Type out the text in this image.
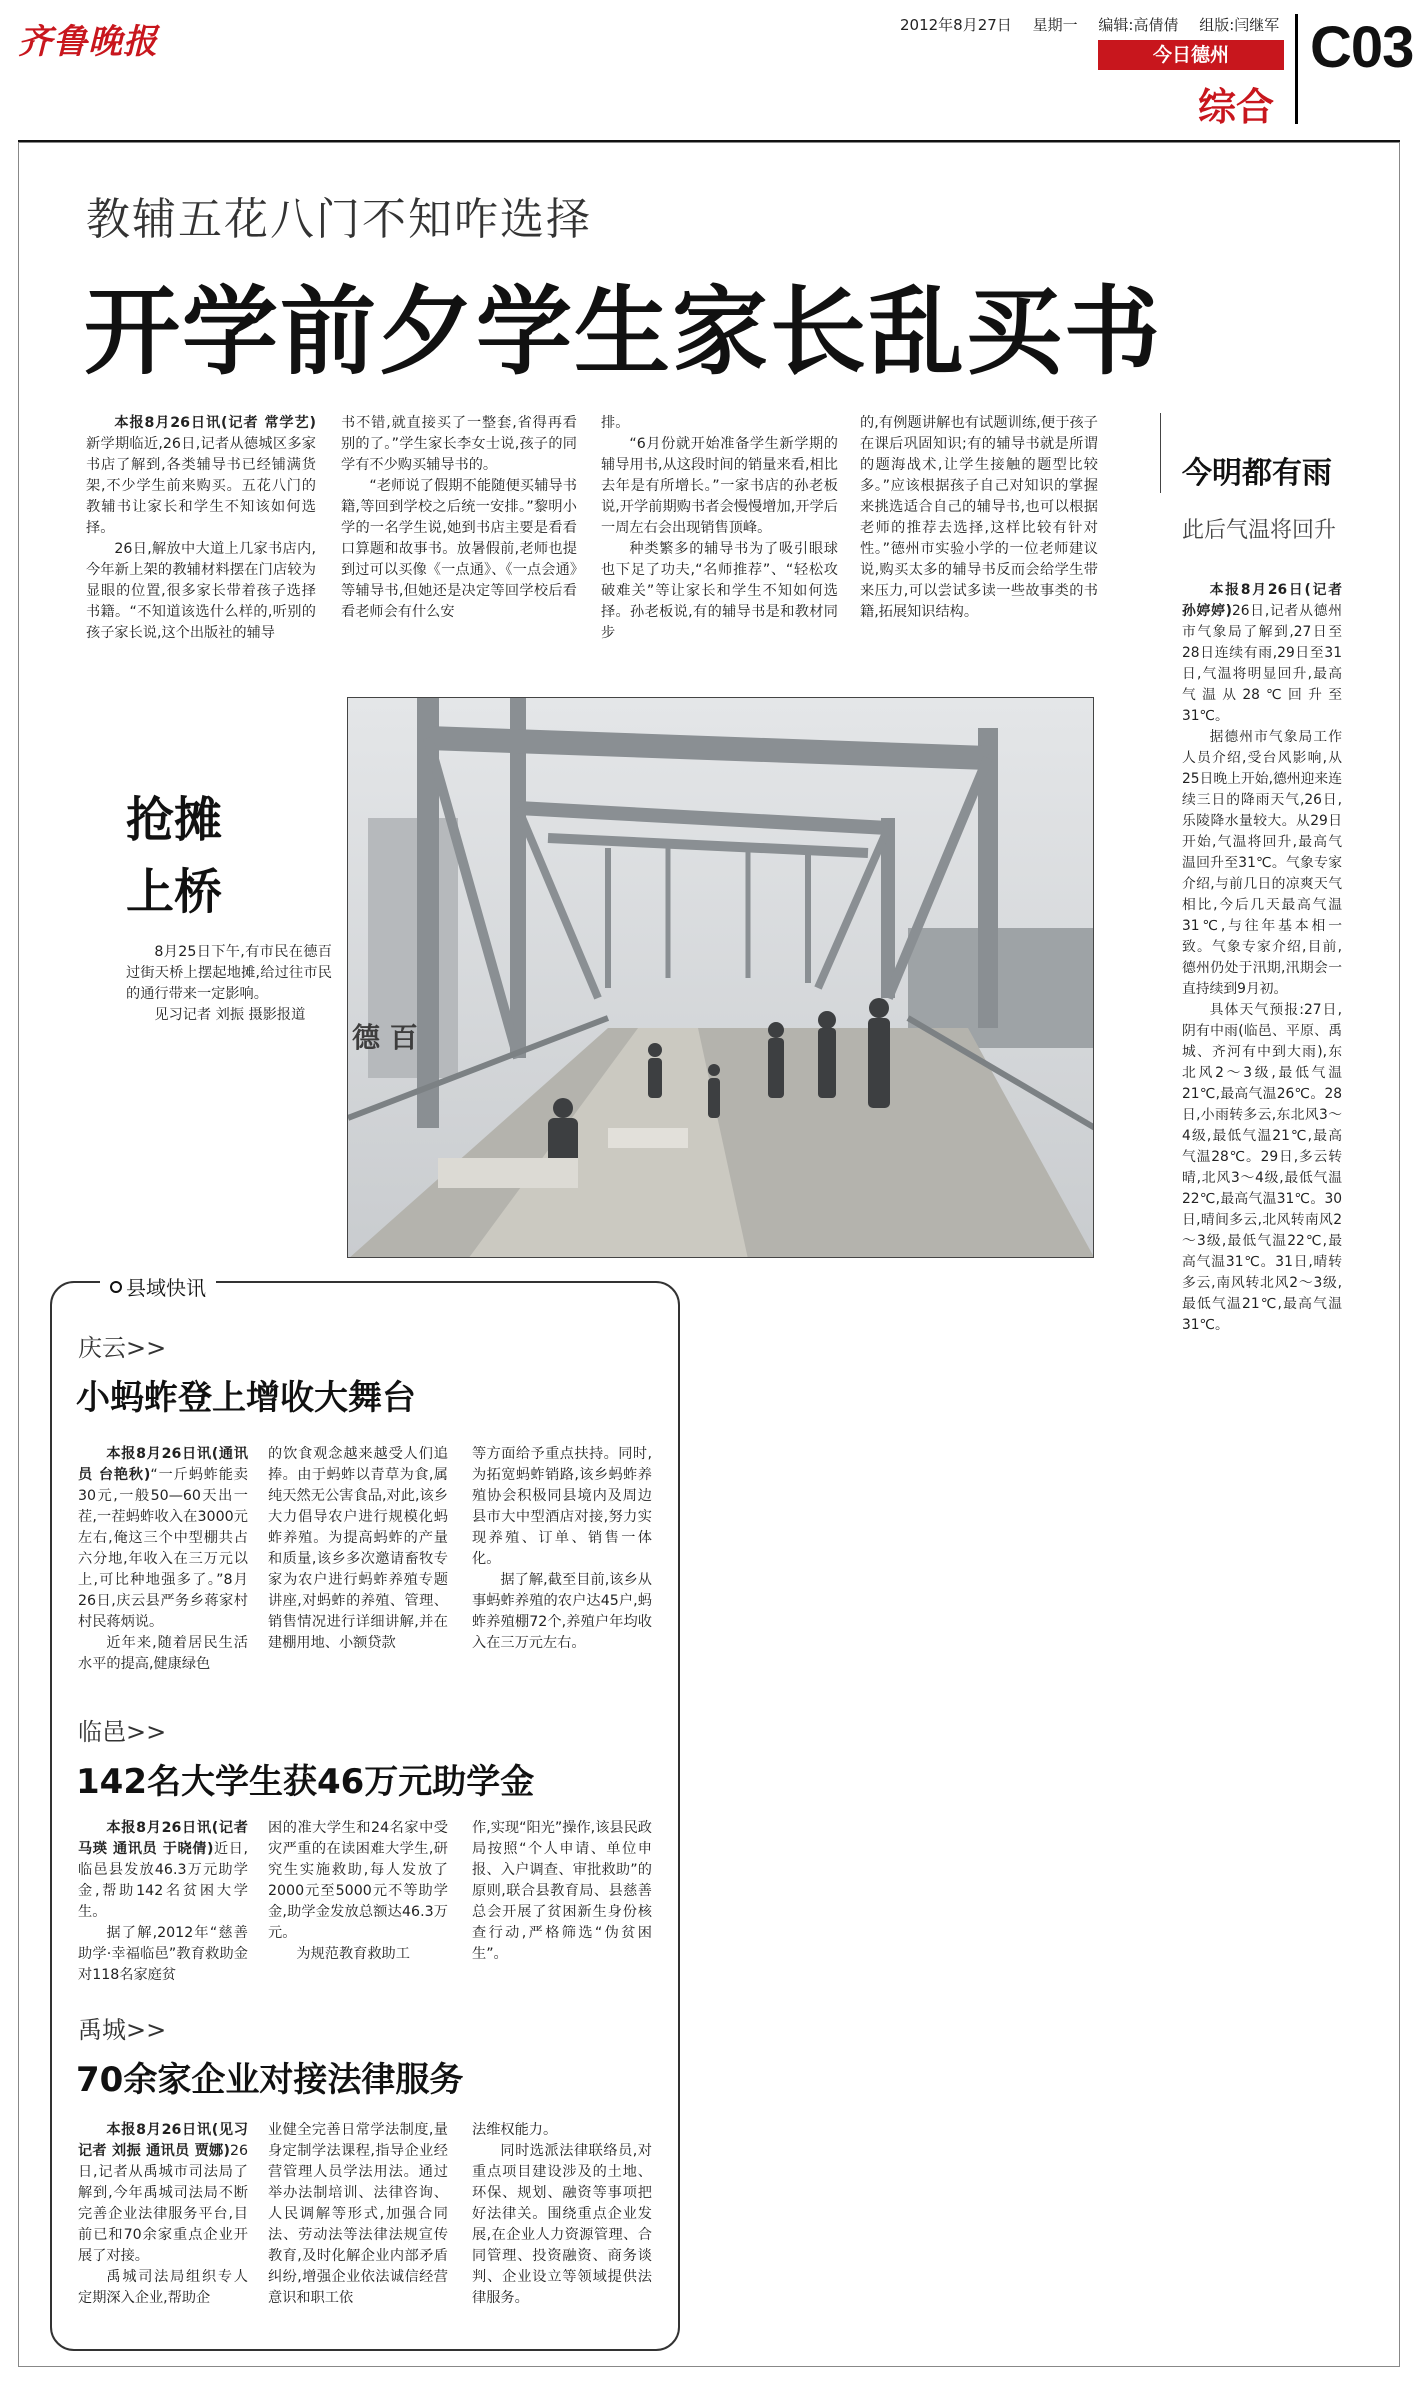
齐鲁晚报	2012年8月27日 星期一 编辑:高倩倩 组版:闫继军
今日德州
综合
C03
教辅五花八门不知咋选择
开学前夕学生家长乱买书

本报8月26日讯(记者 常学艺)新学期临近,26日,记者从德城区多家书店了解到,各类辅导书已经铺满货架,不少学生前来购买。五花八门的教辅书让家长和学生不知该如何选择。

26日,解放中大道上几家书店内,今年新上架的教辅材料摆在门店较为显眼的位置,很多家长带着孩子选择书籍。“不知道该选什么样的,听别的孩子家长说,这个出版社的辅导

书不错,就直接买了一整套,省得再看别的了。”学生家长李女士说,孩子的同学有不少购买辅导书的。

“老师说了假期不能随便买辅导书籍,等回到学校之后统一安排。”黎明小学的一名学生说,她到书店主要是看看口算题和故事书。放暑假前,老师也提到过可以买像《一点通》、《一点会通》等辅导书,但她还是决定等回学校后看看老师会有什么安

排。

“6月份就开始准备学生新学期的辅导用书,从这段时间的销量来看,相比去年是有所增长。”一家书店的孙老板说,开学前期购书者会慢慢增加,开学后一周左右会出现销售顶峰。

种类繁多的辅导书为了吸引眼球也下足了功夫,“名师推荐”、“轻松攻破难关”等让家长和学生不知如何选择。孙老板说,有的辅导书是和教材同步

的,有例题讲解也有试题训练,便于孩子在课后巩固知识;有的辅导书就是所谓的题海战术,让学生接触的题型比较多。”应该根据孩子自己对知识的掌握来挑选适合自己的辅导书,也可以根据老师的推荐去选择,这样比较有针对性。”德州市实验小学的一位老师建议说,购买太多的辅导书反而会给学生带来压力,可以尝试多读一些故事类的书籍,拓展知识结构。

今明都有雨
此后气温将回升

本报8月26日(记者 孙婷婷)26日,记者从德州市气象局了解到,27日至28日连续有雨,29日至31日,气温将明显回升,最高气温从28℃回升至31℃。

据德州市气象局工作人员介绍,受台风影响,从25日晚上开始,德州迎来连续三日的降雨天气,26日,乐陵降水量较大。从29日开始,气温将回升,最高气温回升至31℃。气象专家介绍,与前几日的凉爽天气相比,今后几天最高气温31℃,与往年基本相一致。气象专家介绍,目前,德州仍处于汛期,汛期会一直持续到9月初。

具体天气预报:27日,阴有中雨(临邑、平原、禹城、齐河有中到大雨),东北风2～3级,最低气温21℃,最高气温26℃。28日,小雨转多云,东北风3～4级,最低气温21℃,最高气温28℃。29日,多云转晴,北风3～4级,最低气温22℃,最高气温31℃。30日,晴间多云,北风转南风2～3级,最低气温22℃,最高气温31℃。31日,晴转多云,南风转北风2～3级,最低气温21℃,最高气温31℃。

抢摊
上桥

8月25日下午,有市民在德百过街天桥上摆起地摊,给过往市民的通行带来一定影响。

见习记者 刘振 摄影报道

德 百
县域快讯
庆云>>
小蚂蚱登上增收大舞台

本报8月26日讯(通讯员 台艳秋)“一斤蚂蚱能卖30元,一般50—60天出一茬,一茬蚂蚱收入在3000元左右,俺这三个中型棚共占六分地,年收入在三万元以上,可比种地强多了。”8月26日,庆云县严务乡蒋家村村民蒋炳说。

近年来,随着居民生活水平的提高,健康绿色

的饮食观念越来越受人们追捧。由于蚂蚱以青草为食,属纯天然无公害食品,对此,该乡大力倡导农户进行规模化蚂蚱养殖。为提高蚂蚱的产量和质量,该乡多次邀请畜牧专家为农户进行蚂蚱养殖专题讲座,对蚂蚱的养殖、管理、销售情况进行详细讲解,并在建棚用地、小额贷款

等方面给予重点扶持。同时,为拓宽蚂蚱销路,该乡蚂蚱养殖协会积极同县境内及周边县市大中型酒店对接,努力实现养殖、订单、销售一体化。

据了解,截至目前,该乡从事蚂蚱养殖的农户达45户,蚂蚱养殖棚72个,养殖户年均收入在三万元左右。

临邑>>
142名大学生获46万元助学金

本报8月26日讯(记者 马瑛 通讯员 于晓倩)近日,临邑县发放46.3万元助学金,帮助142名贫困大学生。

据了解,2012年“慈善助学·幸福临邑”教育救助金对118名家庭贫

困的准大学生和24名家中受灾严重的在读困难大学生,研究生实施救助,每人发放了2000元至5000元不等助学金,助学金发放总额达46.3万元。

为规范教育救助工

作,实现“阳光”操作,该县民政局按照“个人申请、单位申报、入户调查、审批救助”的原则,联合县教育局、县慈善总会开展了贫困新生身份核查行动,严格筛选“伪贫困生”。

禹城>>
70余家企业对接法律服务

本报8月26日讯(见习记者 刘振 通讯员 贾娜)26日,记者从禹城市司法局了解到,今年禹城司法局不断完善企业法律服务平台,目前已和70余家重点企业开展了对接。

禹城司法局组织专人定期深入企业,帮助企

业健全完善日常学法制度,量身定制学法课程,指导企业经营管理人员学法用法。通过举办法制培训、法律咨询、人民调解等形式,加强合同法、劳动法等法律法规宣传教育,及时化解企业内部矛盾纠纷,增强企业依法诚信经营意识和职工依

法维权能力。

同时选派法律联络员,对重点项目建设涉及的土地、环保、规划、融资等事项把好法律关。围绕重点企业发展,在企业人力资源管理、合同管理、投资融资、商务谈判、企业设立等领域提供法律服务。
